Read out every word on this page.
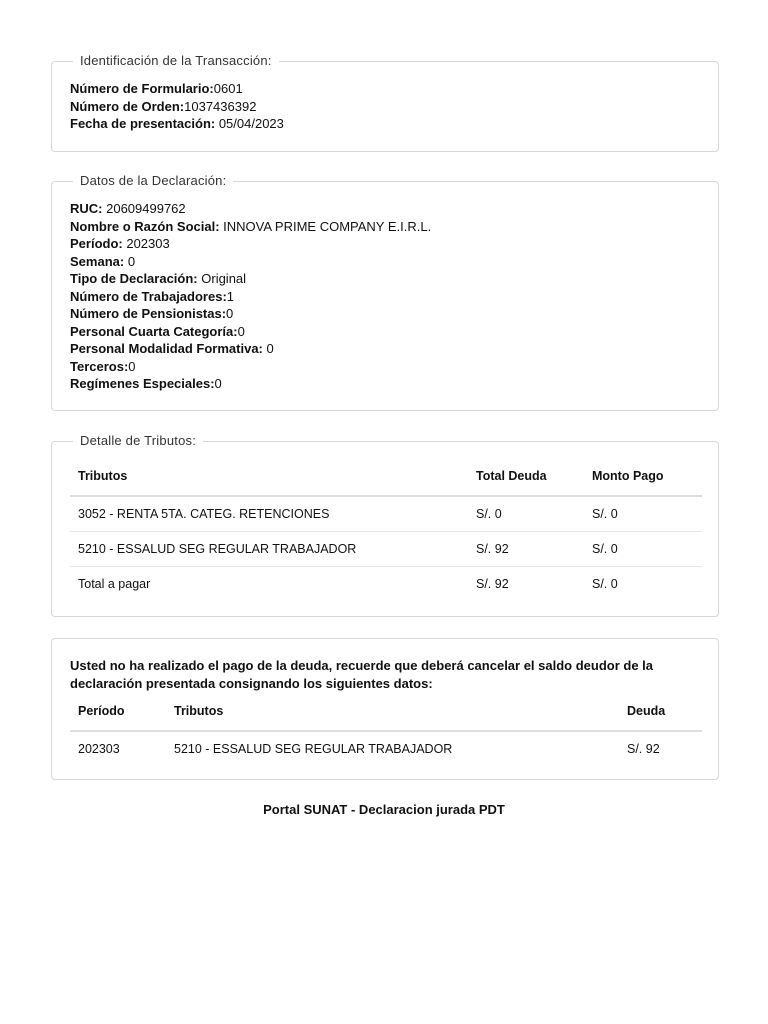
Identificación de la Transacción:
Número de Formulario:0601
Número de Orden:1037436392
Fecha de presentación: 05/04/2023
Datos de la Declaración:
RUC: 20609499762
Nombre o Razón Social: INNOVA PRIME COMPANY E.I.R.L.
Período: 202303
Semana: 0
Tipo de Declaración: Original
Número de Trabajadores:1
Número de Pensionistas:0
Personal Cuarta Categoría:0
Personal Modalidad Formativa: 0
Terceros:0
Regímenes Especiales:0
Detalle de Tributos:
Tributos	Total Deuda	Monto Pago
3052 - RENTA 5TA. CATEG. RETENCIONES	S/. 0	S/. 0
5210 - ESSALUD SEG REGULAR TRABAJADOR	S/. 92	S/. 0
Total a pagar	S/. 92	S/. 0
Usted no ha realizado el pago de la deuda, recuerde que deberá cancelar el saldo deudor de la declaración presentada consignando los siguientes datos:
Período	Tributos	Deuda
202303	5210 - ESSALUD SEG REGULAR TRABAJADOR	S/. 92
Portal SUNAT - Declaracion jurada PDT
